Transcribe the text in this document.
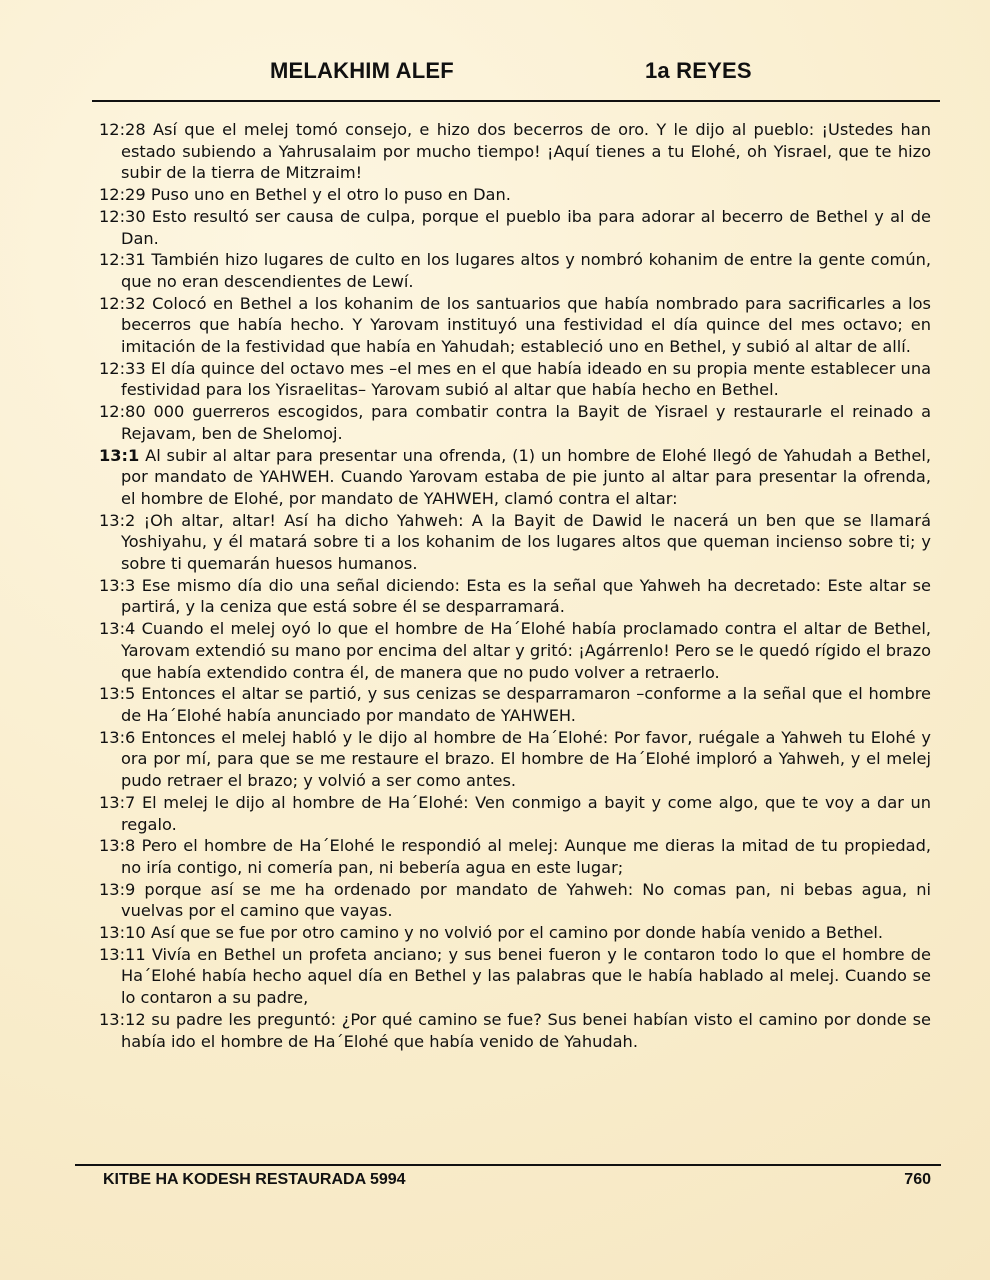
MELAKHIM ALEF	1a REYES

12:28 Así que el melej tomó consejo, e hizo dos becerros de oro. Y le dijo al pueblo: ¡Ustedes han estado subiendo a Yahrusalaim por mucho tiempo! ¡Aquí tienes a tu Elohé, oh Yisrael, que te hizo subir de la tierra de Mitzraim!

12:29 Puso uno en Bethel y el otro lo puso en Dan.

12:30 Esto resultó ser causa de culpa, porque el pueblo iba para adorar al becerro de Bethel y al de Dan.

12:31 También hizo lugares de culto en los lugares altos y nombró kohanim de entre la gente común, que no eran descendientes de Lewí.

12:32 Colocó en Bethel a los kohanim de los santuarios que había nombrado para sacrificarles a los becerros que había hecho. Y Yarovam instituyó una festividad el día quince del mes octavo; en imitación de la festividad que había en Yahudah; estableció uno en Bethel, y subió al altar de allí.

12:33 El día quince del octavo mes –el mes en el que había ideado en su propia mente establecer una festividad para los Yisraelitas– Yarovam subió al altar que había hecho en Bethel.

12:80 000 guerreros escogidos, para combatir contra la Bayit de Yisrael y restaurarle el reinado a Rejavam, ben de Shelomoj.

13:1 Al subir al altar para presentar una ofrenda, (1) un hombre de Elohé llegó de Yahudah a Bethel, por mandato de YAHWEH. Cuando Yarovam estaba de pie junto al altar para presentar la ofrenda, el hombre de Elohé, por mandato de YAHWEH, clamó contra el altar:

13:2 ¡Oh altar, altar! Así ha dicho Yahweh: A la Bayit de Dawid le nacerá un ben que se llamará Yoshiyahu, y él matará sobre ti a los kohanim de los lugares altos que queman incienso sobre ti; y sobre ti quemarán huesos humanos.

13:3 Ese mismo día dio una señal diciendo: Esta es la señal que Yahweh ha decretado: Este altar se partirá, y la ceniza que está sobre él se desparramará.

13:4 Cuando el melej oyó lo que el hombre de Ha´Elohé había proclamado contra el altar de Bethel, Yarovam extendió su mano por encima del altar y gritó: ¡Agárrenlo! Pero se le quedó rígido el brazo que había extendido contra él, de manera que no pudo volver a retraerlo.

13:5 Entonces el altar se partió, y sus cenizas se desparramaron –conforme a la señal que el hombre de Ha´Elohé había anunciado por mandato de YAHWEH.

13:6 Entonces el melej habló y le dijo al hombre de Ha´Elohé: Por favor, ruégale a Yahweh tu Elohé y ora por mí, para que se me restaure el brazo. El hombre de Ha´Elohé imploró a Yahweh, y el melej pudo retraer el brazo; y volvió a ser como antes.

13:7 El melej le dijo al hombre de Ha´Elohé: Ven conmigo a bayit y come algo, que te voy a dar un regalo.

13:8 Pero el hombre de Ha´Elohé le respondió al melej: Aunque me dieras la mitad de tu propiedad, no iría contigo, ni comería pan, ni bebería agua en este lugar;

13:9 porque así se me ha ordenado por mandato de Yahweh: No comas pan, ni bebas agua, ni vuelvas por el camino que vayas.

13:10 Así que se fue por otro camino y no volvió por el camino por donde había venido a Bethel.

13:11 Vivía en Bethel un profeta anciano; y sus benei fueron y le contaron todo lo que el hombre de Ha´Elohé había hecho aquel día en Bethel y las palabras que le había hablado al melej. Cuando se lo contaron a su padre,

13:12 su padre les preguntó: ¿Por qué camino se fue? Sus benei habían visto el camino por donde se había ido el hombre de Ha´Elohé que había venido de Yahudah.

KITBE HA KODESH RESTAURADA 5994	760
